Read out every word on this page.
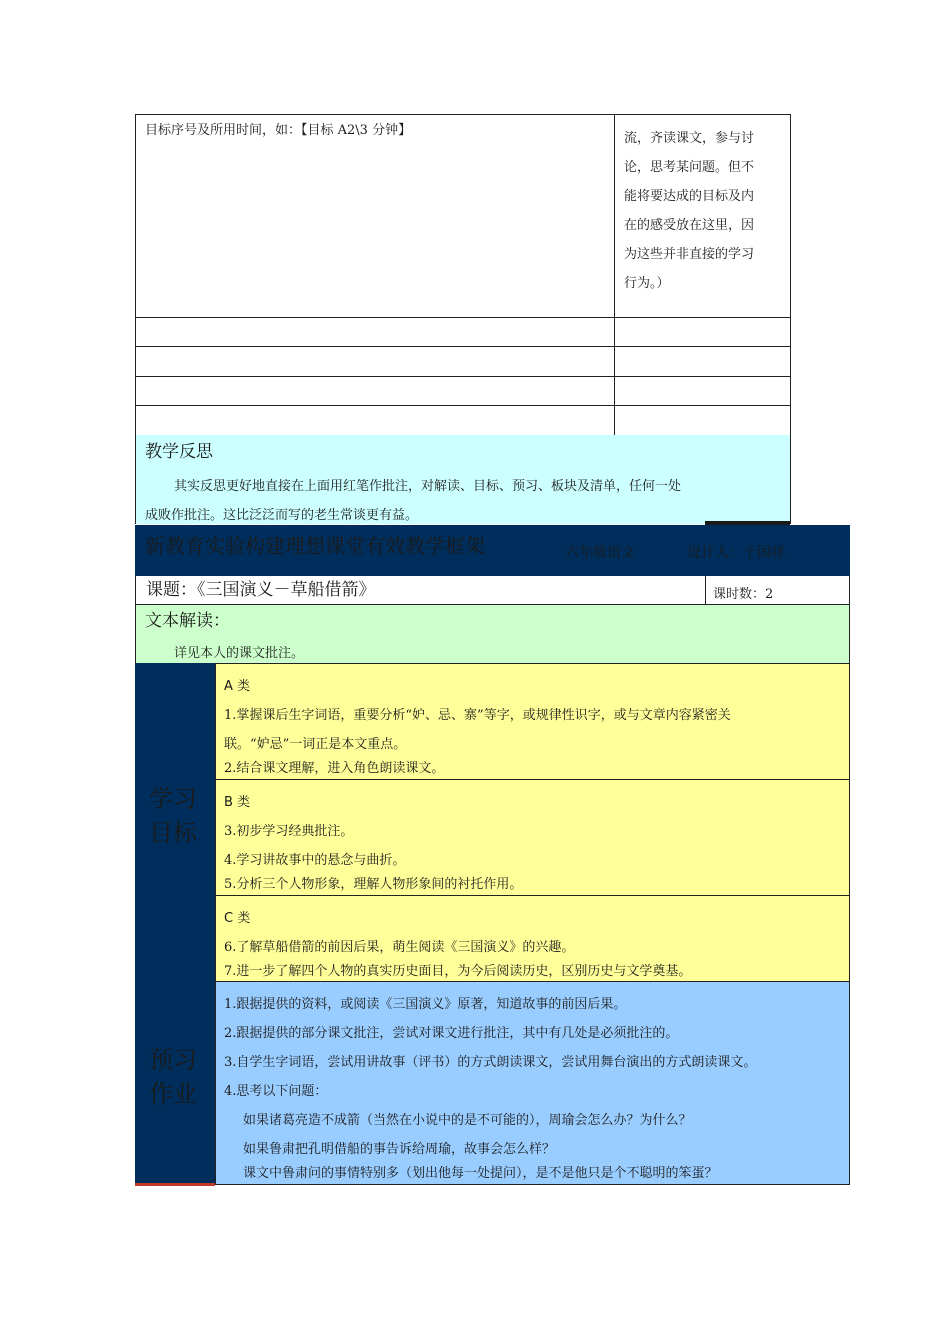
目标序号及所用时间，如：【目标 A2\3 分钟】
流，齐读课文，参与讨
论，思考某问题。但不
能将要达成的目标及内
在的感受放在这里，因
为这些并非直接的学习
行为。）
教学反思
其实反思更好地直接在上面用红笔作批注，对解读、目标、预习、板块及清单，任何一处
成败作批注。这比泛泛而写的老生常谈更有益。
新教育实验构建理想课堂有效教学框架	六年级语文	设计人：于国祥
课题：《三国演义－草船借箭》	课时数：2
文本解读：
详见本人的课文批注。
学习
目标
A 类
1.掌握课后生字词语，重要分析“妒、忌、寨”等字，或规律性识字，或与文章内容紧密关
联。“妒忌”一词正是本文重点。
2.结合课文理解，进入角色朗读课文。
B 类
3.初步学习经典批注。
4.学习讲故事中的悬念与曲折。
5.分析三个人物形象，理解人物形象间的衬托作用。
C 类
6.了解草船借箭的前因后果，萌生阅读《三国演义》的兴趣。
7.进一步了解四个人物的真实历史面目，为今后阅读历史，区别历史与文学奠基。
预习
作业
1.跟据提供的资料，或阅读《三国演义》原著，知道故事的前因后果。
2.跟据提供的部分课文批注，尝试对课文进行批注，其中有几处是必须批注的。
3.自学生字词语，尝试用讲故事（评书）的方式朗读课文，尝试用舞台演出的方式朗读课文。
4.思考以下问题：
如果诸葛亮造不成箭（当然在小说中的是不可能的），周瑜会怎么办？为什么？
如果鲁肃把孔明借船的事告诉给周瑜，故事会怎么样？
课文中鲁肃问的事情特别多（划出他每一处提问），是不是他只是个不聪明的笨蛋？
